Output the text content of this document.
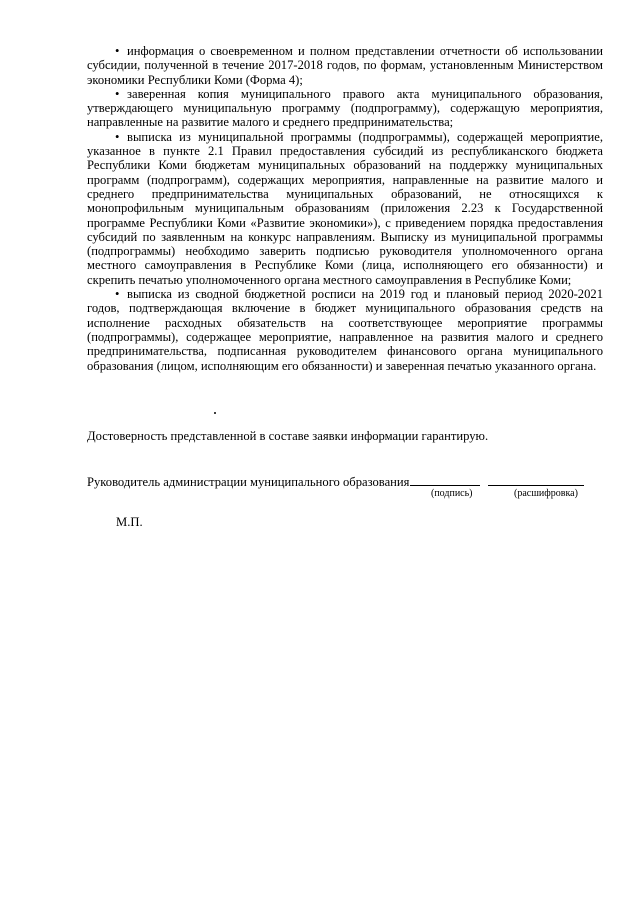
• информация о своевременном и полном представлении отчетности об использовании субсидии, полученной в течение 2017-2018 годов, по формам, установленным Министерством экономики Республики Коми (Форма 4);

• заверенная копия муниципального правого акта муниципального образования, утверждающего муниципальную программу (подпрограмму), содержащую мероприятия, направленные на развитие малого и среднего предпринимательства;

• выписка из муниципальной программы (подпрограммы), содержащей мероприятие, указанное в пункте 2.1 Правил предоставления субсидий из республиканского бюджета Республики Коми бюджетам муниципальных образований на поддержку муниципальных программ (подпрограмм), содержащих мероприятия, направленные на развитие малого и среднего предпринимательства муниципальных образований, не относящихся к монопрофильным муниципальным образованиям (приложения 2.23 к Государственной программе Республики Коми «Развитие экономики»), с приведением порядка предоставления субсидий по заявленным на конкурс направлениям. Выписку из муниципальной программы (подпрограммы) необходимо заверить подписью руководителя уполномоченного органа местного самоуправления в Республике Коми (лица, исполняющего его обязанности) и скрепить печатью уполномоченного органа местного самоуправления в Республике Коми;

• выписка из сводной бюджетной росписи на 2019 год и плановый период 2020-2021 годов, подтверждающая включение в бюджет муниципального образования средств на исполнение расходных обязательств на соответствующее мероприятие программы (подпрограммы), содержащее мероприятие, направленное на развития малого и среднего предпринимательства, подписанная руководителем финансового органа муниципального образования (лицом, исполняющим его обязанности) и заверенная печатью указанного органа.

Достоверность представленной в составе заявки информации гарантирую.
Руководитель администрации муниципального образования
(подпись)	(расшифровка)
М.П.
